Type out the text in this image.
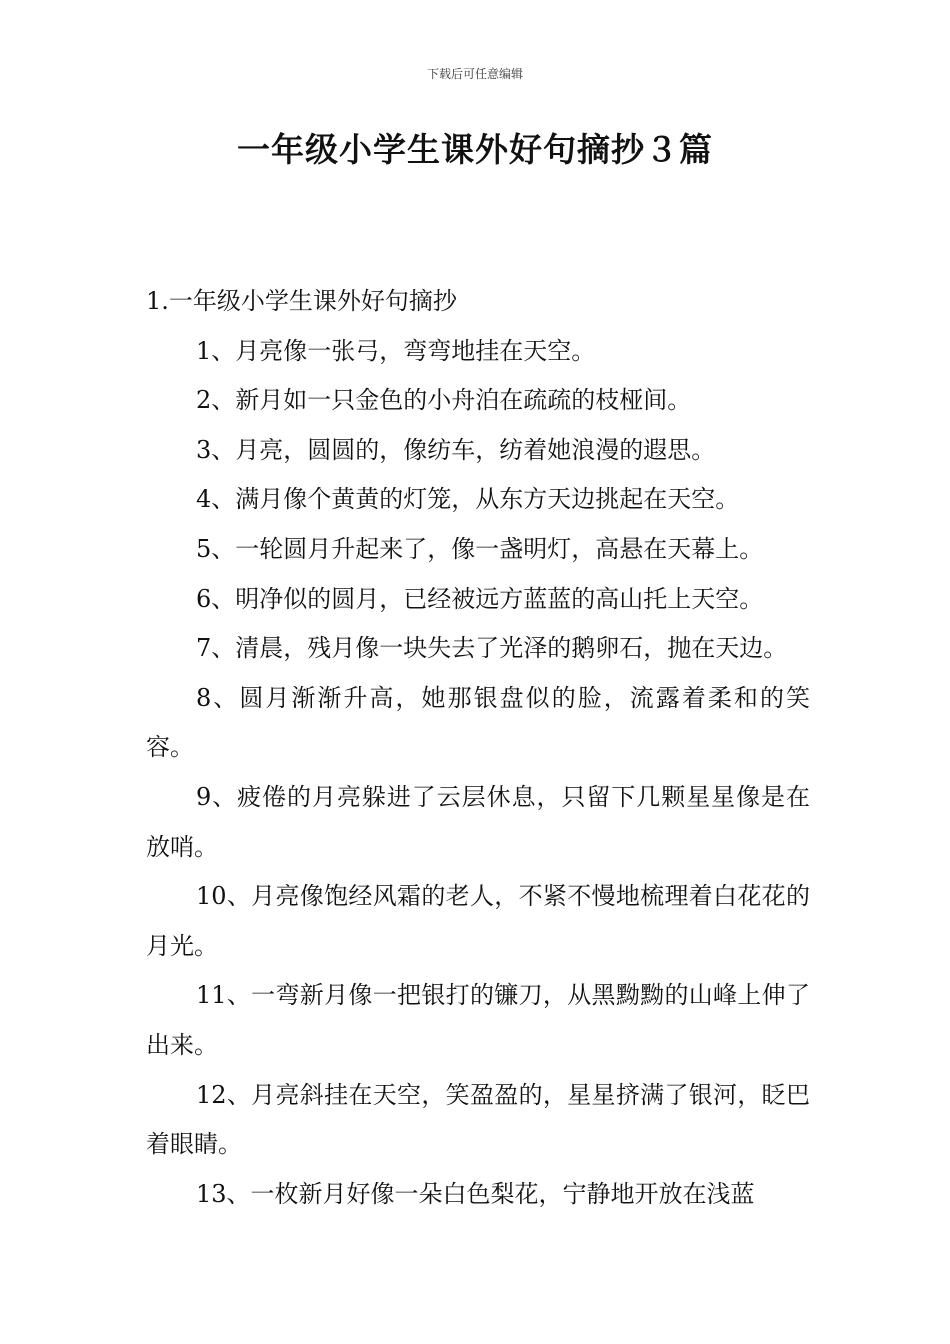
下载后可任意编辑
一年级小学生课外好句摘抄３篇
1.一年级小学生课外好句摘抄

1、月亮像一张弓，弯弯地挂在天空。

2、新月如一只金色的小舟泊在疏疏的枝桠间。

3、月亮，圆圆的，像纺车，纺着她浪漫的遐思。

4、满月像个黄黄的灯笼，从东方天边挑起在天空。

5、一轮圆月升起来了，像一盏明灯，高悬在天幕上。

6、明净似的圆月，已经被远方蓝蓝的高山托上天空。

7、清晨，残月像一块失去了光泽的鹅卵石，抛在天边。

8、圆月渐渐升高，她那银盘似的脸，流露着柔和的笑容。

9、疲倦的月亮躲进了云层休息，只留下几颗星星像是在放哨。

10、月亮像饱经风霜的老人，不紧不慢地梳理着白花花的月光。

11、一弯新月像一把银打的镰刀，从黑黝黝的山峰上伸了出来。

12、月亮斜挂在天空，笑盈盈的，星星挤满了银河，眨巴着眼睛。

13、一枚新月好像一朵白色梨花，宁静地开放在浅蓝
